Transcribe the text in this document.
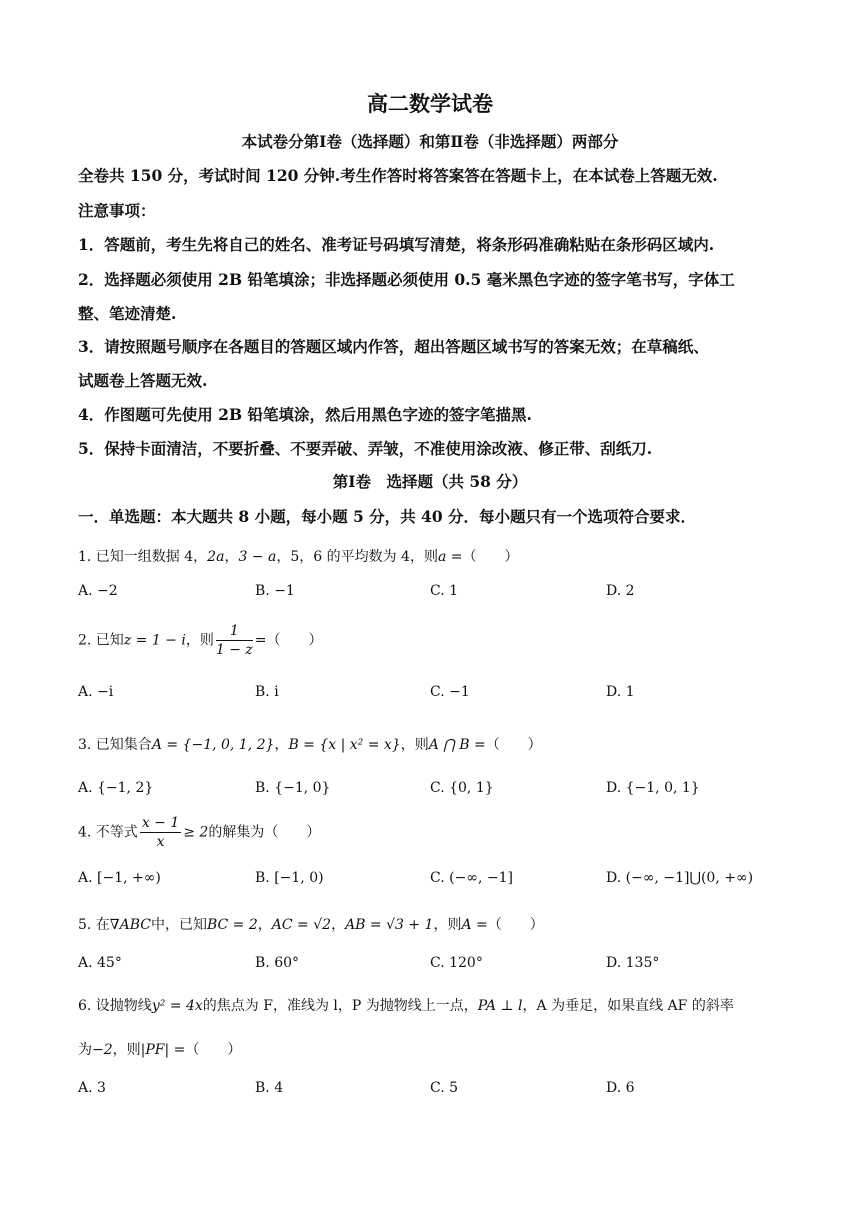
高二数学试卷
本试卷分第Ⅰ卷（选择题）和第Ⅱ卷（非选择题）两部分
全卷共 150 分，考试时间 120 分钟.考生作答时将答案答在答题卡上，在本试卷上答题无效.
注意事项：
1．答题前，考生先将自己的姓名、准考证号码填写清楚，将条形码准确粘贴在条形码区域内.
2．选择题必须使用 2B 铅笔填涂；非选择题必须使用 0.5 毫米黑色字迹的签字笔书写，字体工
整、笔迹清楚.
3．请按照题号顺序在各题目的答题区域内作答，超出答题区域书写的答案无效；在草稿纸、
试题卷上答题无效.
4．作图题可先使用 2B 铅笔填涂，然后用黑色字迹的签字笔描黑.
5．保持卡面清洁，不要折叠、不要弄破、弄皱，不准使用涂改液、修正带、刮纸刀.
第Ⅰ卷　选择题（共 58 分）
一．单选题：本大题共 8 小题，每小题 5 分，共 40 分．每小题只有一个选项符合要求．
1. 已知一组数据 4，2a，3 − a，5，6 的平均数为 4，则a =（　　）
A. −2	B. −1	C. 1	D. 2
2. 已知z = 1 − i，则 $\frac{1}{1 - z}$ =（　　）
A. −i	B. i	C. −1	D. 1
3. 已知集合A = {−1, 0, 1, 2}，B = {x | x² = x}，则A ⋂ B =（　　）
A. {−1, 2}	B. {−1, 0}	C. {0, 1}	D. {−1, 0, 1}
4. 不等式 $\frac{x - 1}{x} \ge 2$的解集为（　　）
A. [−1, +∞)	B. [−1, 0)	C. (−∞, −1]	D. (−∞, −1]⋃(0, +∞)
5. 在∇ABC中，已知BC = 2，AC = √2，AB = √3 + 1，则A =（　　）
A. 45°	B. 60°	C. 120°	D. 135°
6. 设抛物线y² = 4x的焦点为 F，准线为 l，P 为抛物线上一点，PA ⊥ l，A 为垂足，如果直线 AF 的斜率
为−2，则|PF| =（　　）
A. 3	B. 4	C. 5	D. 6
